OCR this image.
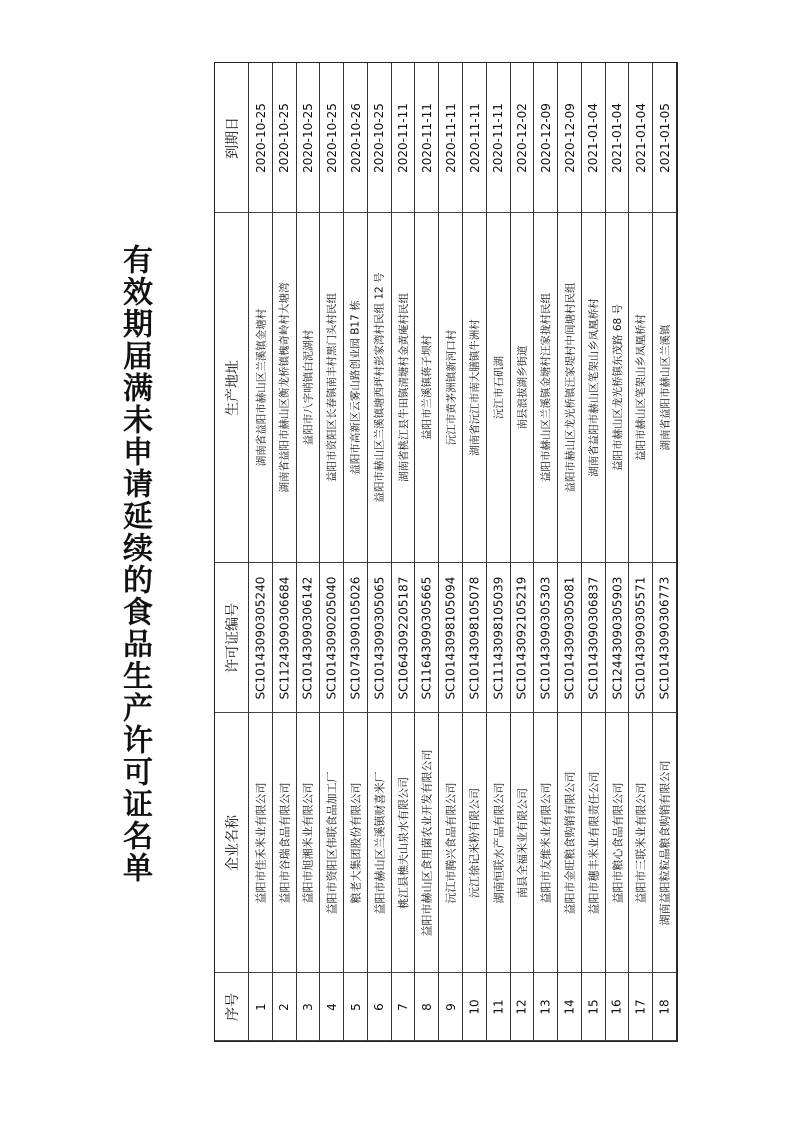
有效期届满未申请延续的食品生产许可证名单
到期日
生产地址
许可证编号
企业名称
序号
2020-10-25
湖南省益阳市赫山区兰溪镇金塘村
SC10143090305240
益阳市佳禾米业有限公司
1
2020-10-25
湖南省益阳市赫山区衡龙桥镇槐奇岭村大塘湾
SC11243090306684
益阳市谷瑞食品有限公司
2
2020-10-25
益阳市八字哨镇白泥湖村
SC10143090306142
益阳市旭湘米业有限公司
3
2020-10-25
益阳市资阳区长春镇南丰村黑门头村民组
SC10143090205040
益阳市资阳区伟联食品加工厂
4
2020-10-26
益阳市高新区云雾山路创业园 B17 栋
SC10743090105026
粮老大集团股份有限公司
5
2020-10-25
益阳市赫山区兰溪镇塘西坪村彭家湾村民组 12 号
SC10143090305065
益阳市赫山区兰溪镇财喜米厂
6
2020-11-11
湖南省桃江县牛田镇清塘村金黄庵村民组
SC10643092205187
桃江县樵夫山泉水有限公司
7
2020-11-11
益阳市兰溪镇蒋子坝村
SC11643090305665
益阳市赫山区食用菌农业开发有限公司
8
2020-11-11
沅江市黄茅洲镇新河口村
SC10143098105094
沅江市腾兴食品有限公司
9
2020-11-11
湖南省沅江市南大膳镇牛洲村
SC10143098105078
沅江徐记米粉有限公司
10
2020-11-11
沅江市石矶湖
SC11143098105039
湖南恒联水产品有限公司
11
2020-12-02
南县浪拔湖乡街道
SC10143092105219
南县全福米业有限公司
12
2020-12-09
益阳市赫山区兰溪镇金塘村汪家拢村民组
SC10143090305303
益阳市友维米业有限公司
13
2020-12-09
益阳市赫山区龙光桥镇汪家堤村中间塘村民组
SC10143090305081
益阳市金旺粮食购销有限公司
14
2021-01-04
湖南省益阳市赫山区笔架山乡凤凰桥村
SC10143090306837
益阳市穗丰米业有限责任公司
15
2021-01-04
益阳市赫山区龙光桥镇东茂路 68 号
SC12443090305903
益阳市粮心食品有限公司
16
2021-01-04
益阳市赫山区笔架山乡凤凰桥村
SC10143090305571
益阳市三联米业有限公司
17
2021-01-05
湖南省益阳市赫山区兰溪镇
SC10143090306773
湖南益阳粒粒晶粮食购销有限公司
18
